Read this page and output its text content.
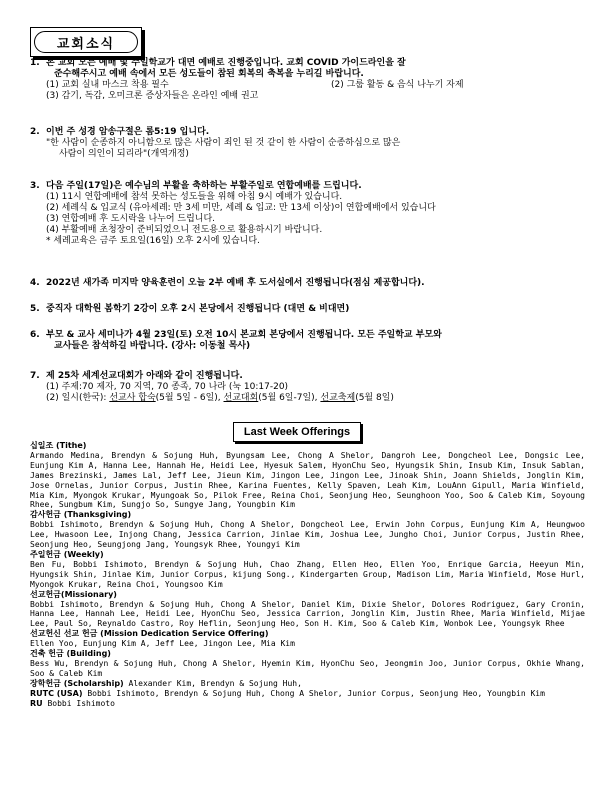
교회소식
1. 본 교회 모든 예배 및 주일학교가 대면 예배로 진행중입니다. 교회 COVID 가이드라인을 잘
준수해주시고 예배 속에서 모든 성도들이 참된 회복의 축복을 누리길 바랍니다.
(1) 교회 실내 마스크 착용 필수	(2) 그룹 활동 & 음식 나누기 자제
(3) 감기, 독감, 오미크론 증상자들은 온라인 예배 권고
2. 이번 주 성경 암송구절은 롬5:19 입니다.
"한 사람이 순종하지 아니함으로 많은 사람이 죄인 된 것 같이 한 사람이 순종하심으로 많은
사람이 의인이 되리라"(개역개정)
3. 다음 주일(17일)은 예수님의 부활을 축하하는 부활주일로 연합예배를 드립니다.
(1) 11시 연합예배에 참석 못하는 성도들을 위해 아침 9시 예배가 있습니다.
(2) 세례식 & 입교식 (유아세례: 만 3세 미만, 세례 & 입교: 만 13세 이상)이 연합예배에서 있습니다
(3) 연합예배 후 도시락을 나누어 드립니다.
(4) 부활예배 초청장이 준비되었으니 전도용으로 활용하시기 바랍니다.
* 세례교육은 금주 토요일(16일) 오후 2시에 있습니다.
4. 2022년 새가족 미지막 양육훈련이 오늘 2부 예배 후 도서실에서 진행됩니다(점심 제공합니다).
5. 중직자 대학원 봄학기 2강이 오후 2시 본당에서 진행됩니다 (대면 & 비대면)
6. 부모 & 교사 세미나가 4월 23일(토) 오전 10시 본교회 본당에서 진행됩니다. 모든 주일학교 부모와
교사들은 참석하길 바랍니다. (강사: 이동철 목사)
7. 제 25차 세계선교대회가 아래와 같이 진행됩니다.
(1) 주제:70 제자, 70 지역, 70 종족, 70 나라 (눅 10:17-20)
(2) 일시(한국): 선교사 합숙(5월 5일 - 6일), 선교대회(5월 6일-7일), 선교축제(5월 8일)
Last Week Offerings
십일조 (Tithe)
Armando Medina, Brendyn & Sojung Huh, Byungsam Lee, Chong A Shelor, Dangroh Lee, Dongcheol Lee, Dongsic Lee, Eunjung Kim A, Hanna Lee, Hannah He, Heidi Lee, Hyesuk Salem, HyonChu Seo, Hyungsik Shin, Insub Kim, Insuk Sablan, James Brezinski, James Lal, Jeff Lee, Jieun Kim, Jingon Lee, Jingon Lee, Jinoak Shin, Joann Shields, Jonglin Kim, Jose Ornelas, Junior Corpus, Justin Rhee, Karina Fuentes, Kelly Spaven, Leah Kim, LouAnn Gipull, Maria Winfield, Mia Kim, Myongok Krukar, Myungoak So, Pilok Free, Reina Choi, Seonjung Heo, Seunghoon Yoo, Soo & Caleb Kim, Soyoung Rhee, Sungbum Kim, Sungjo So, Sungye Jang, Youngbin Kim
감사헌금 (Thanksgiving)
Bobbi Ishimoto, Brendyn & Sojung Huh, Chong A Shelor, Dongcheol Lee, Erwin John Corpus, Eunjung Kim A, Heungwoo Lee, Hwasoon Lee, Injong Chang, Jessica Carrion, Jinlae Kim, Joshua Lee, Jungho Choi, Junior Corpus, Justin Rhee, Seonjung Heo, Seungjong Jang, Youngsyk Rhee, Youngyi Kim
주일헌금 (Weekly)
Ben Fu, Bobbi Ishimoto, Brendyn & Sojung Huh, Chao Zhang, Ellen Heo, Ellen Yoo, Enrique Garcia, Heeyun Min, Hyungsik Shin, Jinlae Kim, Junior Corpus, kijung Song., Kindergarten Group, Madison Lim, Maria Winfield, Mose Hurl, Myongok Krukar, Reina Choi, Youngsoo Kim
선교헌금(Missionary)
Bobbi Ishimoto, Brendyn & Sojung Huh, Chong A Shelor, Daniel Kim, Dixie Shelor, Dolores Rodriguez, Gary Cronin, Hanna Lee, Hannah Lee, Heidi Lee, HyonChu Seo, Jessica Carrion, Jonglin Kim, Justin Rhee, Maria Winfield, Mijae Lee, Paul So, Reynaldo Castro, Roy Heflin, Seonjung Heo, Son H. Kim, Soo & Caleb Kim, Wonbok Lee, Youngsyk Rhee
선교헌신 선교 헌금 (Mission Dedication Service Offering)
Ellen Yoo, Eunjung Kim A, Jeff Lee, Jingon Lee, Mia Kim
건축 헌금 (Building)
Bess Wu, Brendyn & Sojung Huh, Chong A Shelor, Hyemin Kim, HyonChu Seo, Jeongmin Joo, Junior Corpus, Okhie Whang, Soo & Caleb Kim
장학헌금 (Scholarship) Alexander Kim, Brendyn & Sojung Huh,
RUTC (USA) Bobbi Ishimoto, Brendyn & Sojung Huh, Chong A Shelor, Junior Corpus, Seonjung Heo, Youngbin Kim
RU Bobbi Ishimoto
